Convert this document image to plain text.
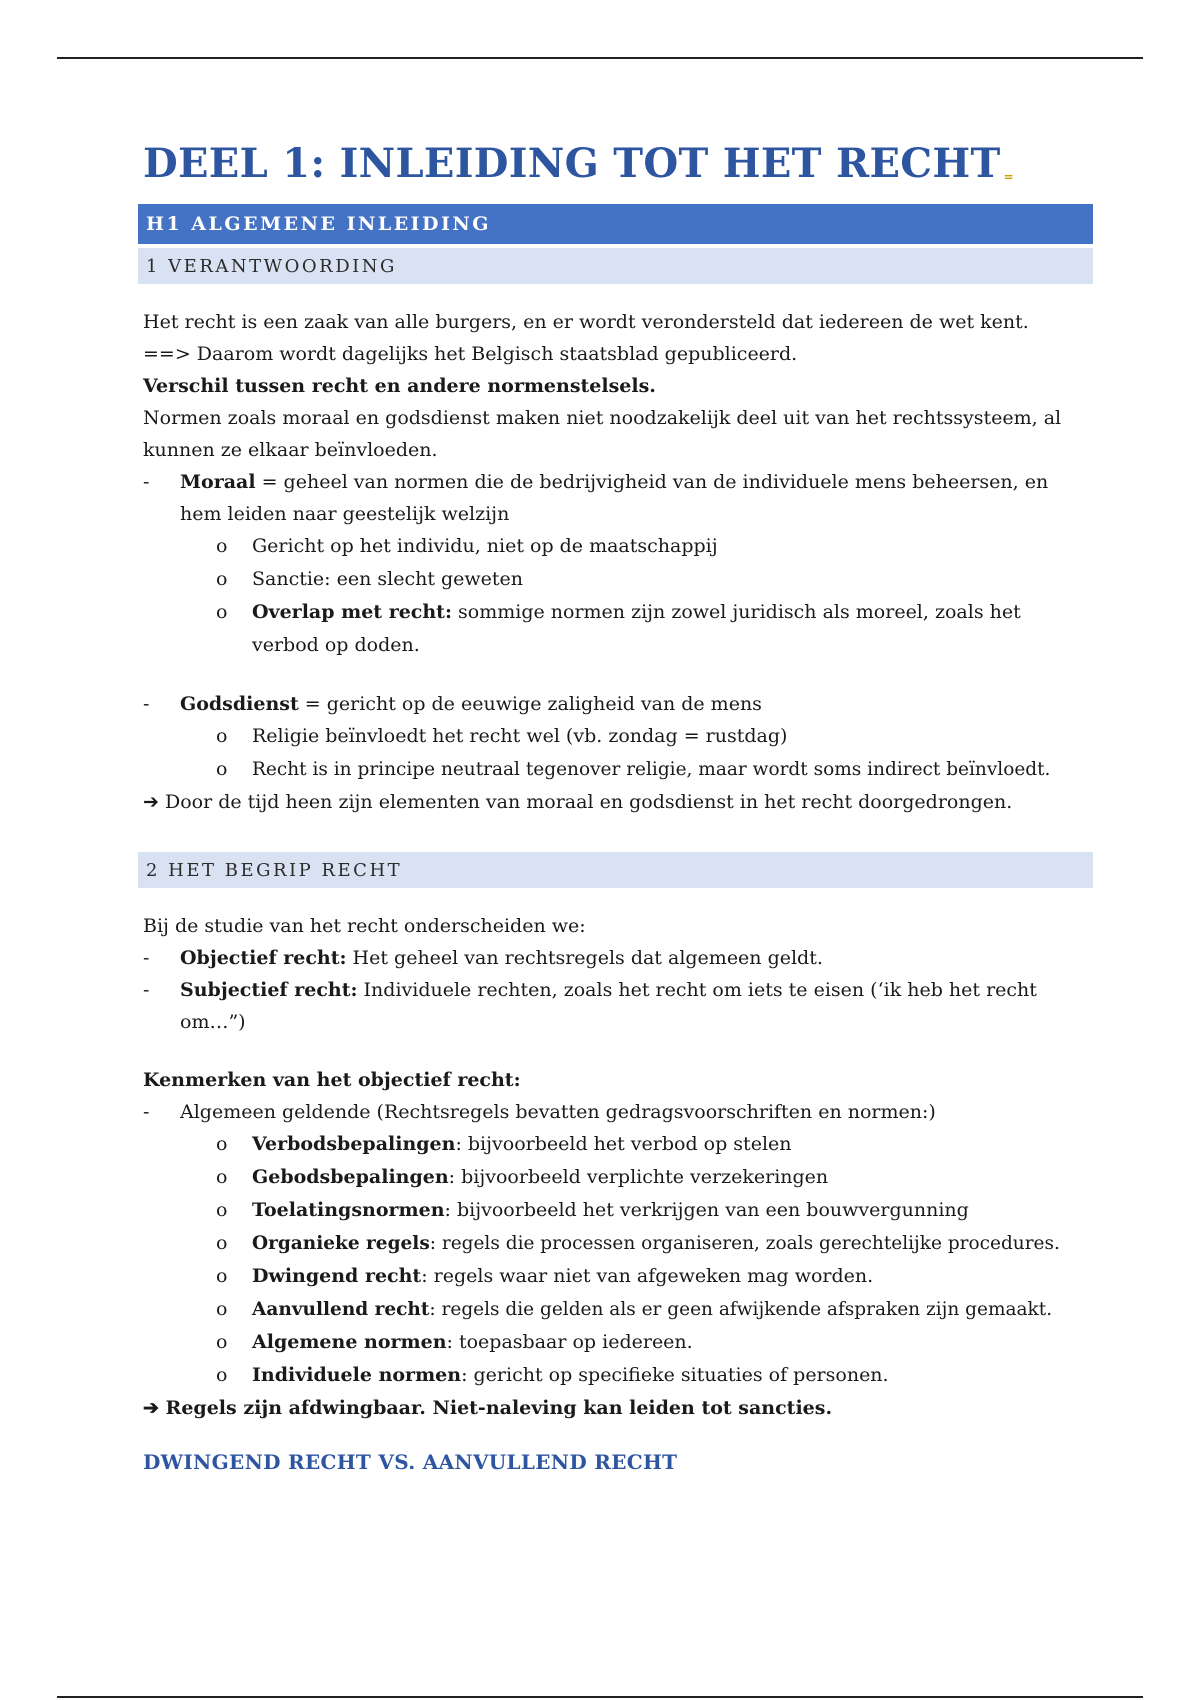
DEEL 1: INLEIDING TOT HET RECHT =
H1 ALGEMENE INLEIDING
1 VERANTWOORDING

Het recht is een zaak van alle burgers, en er wordt verondersteld dat iedereen de wet kent.

==> Daarom wordt dagelijks het Belgisch staatsblad gepubliceerd.

Verschil tussen recht en andere normenstelsels.

Normen zoals moraal en godsdienst maken niet noodzakelijk deel uit van het rechtssysteem, al kunnen ze elkaar beïnvloeden.

- Moraal = geheel van normen die de bedrijvigheid van de individuele mens beheersen, en hem leiden naar geestelijk welzijn
o Gericht op het individu, niet op de maatschappij
o Sanctie: een slecht geweten
o Overlap met recht: sommige normen zijn zowel juridisch als moreel, zoals het verbod op doden.
- Godsdienst = gericht op de eeuwige zaligheid van de mens
o Religie beïnvloedt het recht wel (vb. zondag = rustdag)
o Recht is in principe neutraal tegenover religie, maar wordt soms indirect beïnvloedt.
➔ Door de tijd heen zijn elementen van moraal en godsdienst in het recht doorgedrongen.
2 HET BEGRIP RECHT

Bij de studie van het recht onderscheiden we:

- Objectief recht: Het geheel van rechtsregels dat algemeen geldt.
- Subjectief recht: Individuele rechten, zoals het recht om iets te eisen (‘ik heb het recht om…”)

Kenmerken van het objectief recht:

- Algemeen geldende (Rechtsregels bevatten gedragsvoorschriften en normen:)
o Verbodsbepalingen: bijvoorbeeld het verbod op stelen
o Gebodsbepalingen: bijvoorbeeld verplichte verzekeringen
o Toelatingsnormen: bijvoorbeeld het verkrijgen van een bouwvergunning
o Organieke regels: regels die processen organiseren, zoals gerechtelijke procedures.
o Dwingend recht: regels waar niet van afgeweken mag worden.
o Aanvullend recht: regels die gelden als er geen afwijkende afspraken zijn gemaakt.
o Algemene normen: toepasbaar op iedereen.
o Individuele normen: gericht op specifieke situaties of personen.
➔ Regels zijn afdwingbaar. Niet-naleving kan leiden tot sancties.
DWINGEND RECHT VS. AANVULLEND RECHT
